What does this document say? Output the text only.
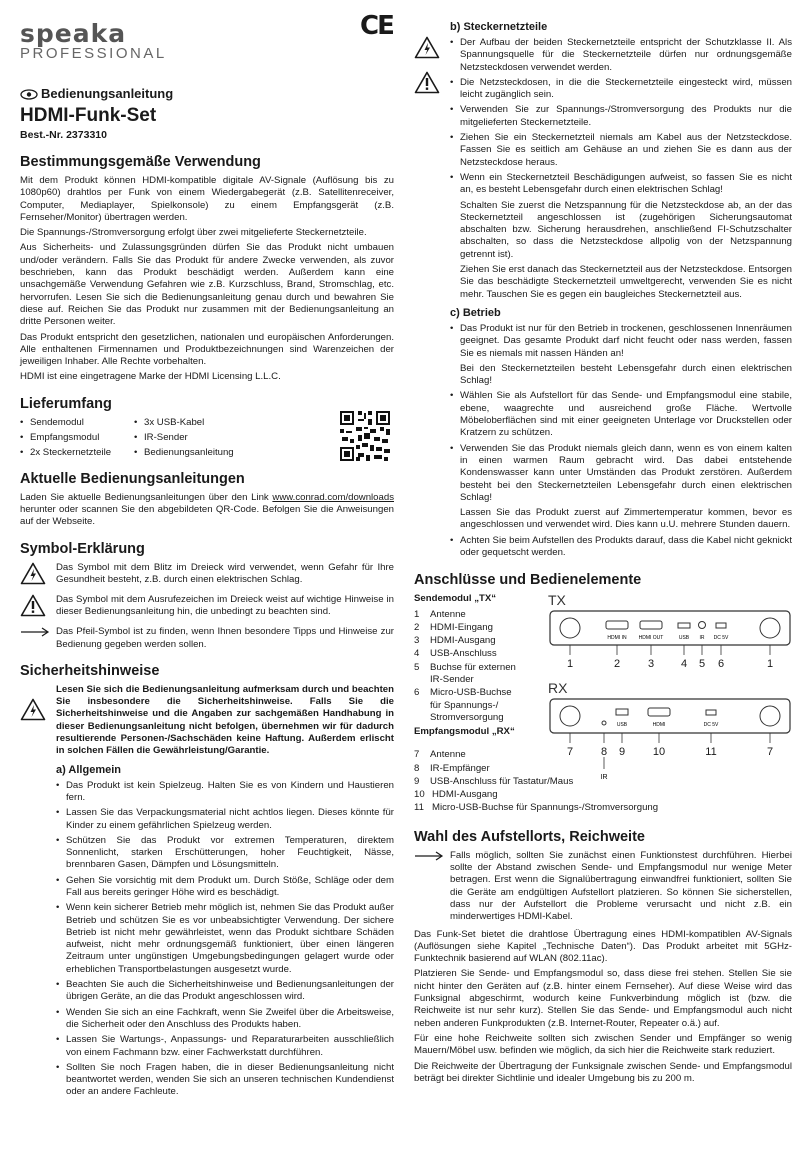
speaka
PROFESSIONAL
CE
Bedienungsanleitung
HDMI-Funk-Set
Best.-Nr. 2373310
Bestimmungsgemäße Verwendung

Mit dem Produkt können HDMI-kompatible digitale AV-Signale (Auflösung bis zu 1080p60) drahtlos per Funk von einem Wiedergabegerät (z.B. Satellitenreceiver, Computer, Mediaplayer, Spielkonsole) zu einem Empfangsgerät (z.B. Fernseher/Monitor) übertragen werden.

Die Spannungs-/Stromversorgung erfolgt über zwei mitgelieferte Steckernetzteile.

Aus Sicherheits- und Zulassungsgründen dürfen Sie das Produkt nicht umbauen und/oder verändern. Falls Sie das Produkt für andere Zwecke verwenden, als zuvor beschrieben, kann das Produkt beschädigt werden. Außerdem kann eine unsachgemäße Verwendung Gefahren wie z.B. Kurzschluss, Brand, Stromschlag, etc. hervorrufen. Lesen Sie sich die Bedienungsanleitung genau durch und bewahren Sie diese auf. Reichen Sie das Produkt nur zusammen mit der Bedienungsanleitung an dritte Personen weiter.

Das Produkt entspricht den gesetzlichen, nationalen und europäischen Anforderungen. Alle enthaltenen Firmennamen und Produktbezeichnungen sind Warenzeichen der jeweiligen Inhaber. Alle Rechte vorbehalten.

HDMI ist eine eingetragene Marke der HDMI Licensing L.L.C.

Lieferumfang
• Sendemodul
• Empfangsmodul
• 2x Steckernetzteile
• 3x USB-Kabel
• IR-Sender
• Bedienungsanleitung
Aktuelle Bedienungsanleitungen

Laden Sie aktuelle Bedienungsanleitungen über den Link www.conrad.com/downloads herunter oder scannen Sie den abgebildeten QR-Code. Befolgen Sie die Anweisungen auf der Webseite.

Symbol-Erklärung
Das Symbol mit dem Blitz im Dreieck wird verwendet, wenn Gefahr für Ihre Gesundheit besteht, z.B. durch einen elektrischen Schlag.
Das Symbol mit dem Ausrufezeichen im Dreieck weist auf wichtige Hinweise in dieser Bedienungsanleitung hin, die unbedingt zu beachten sind.
Das Pfeil-Symbol ist zu finden, wenn Ihnen besondere Tipps und Hinweise zur Bedienung gegeben werden sollen.
Sicherheitshinweise

Lesen Sie sich die Bedienungsanleitung aufmerksam durch und beachten Sie insbesondere die Sicherheitshinweise. Falls Sie die Sicherheitshinweise und die Angaben zur sachgemäßen Handhabung in dieser Bedienungsanleitung nicht befolgen, übernehmen wir für dadurch resultierende Personen-/Sachschäden keine Haftung. Außerdem erlischt in solchen Fällen die Gewährleistung/Garantie.

a) Allgemein
• Das Produkt ist kein Spielzeug. Halten Sie es von Kindern und Haustieren fern.
• Lassen Sie das Verpackungsmaterial nicht achtlos liegen. Dieses könnte für Kinder zu einem gefährlichen Spielzeug werden.
• Schützen Sie das Produkt vor extremen Temperaturen, direktem Sonnenlicht, starken Erschütterungen, hoher Feuchtigkeit, Nässe, brennbaren Gasen, Dämpfen und Lösungsmitteln.
• Gehen Sie vorsichtig mit dem Produkt um. Durch Stöße, Schläge oder dem Fall aus bereits geringer Höhe wird es beschädigt.
• Wenn kein sicherer Betrieb mehr möglich ist, nehmen Sie das Produkt außer Betrieb und schützen Sie es vor unbeabsichtigter Verwendung. Der sichere Betrieb ist nicht mehr gewährleistet, wenn das Produkt sichtbare Schäden aufweist, nicht mehr ordnungsgemäß funktioniert, über einen längeren Zeitraum unter ungünstigen Umgebungsbedingungen gelagert wurde oder erheblichen Transportbelastungen ausgesetzt wurde.
• Beachten Sie auch die Sicherheitshinweise und Bedienungsanleitungen der übrigen Geräte, an die das Produkt angeschlossen wird.
• Wenden Sie sich an eine Fachkraft, wenn Sie Zweifel über die Arbeitsweise, die Sicherheit oder den Anschluss des Produkts haben.
• Lassen Sie Wartungs-, Anpassungs- und Reparaturarbeiten ausschließlich von einem Fachmann bzw. einer Fachwerkstatt durchführen.
• Sollten Sie noch Fragen haben, die in dieser Bedienungsanleitung nicht beantwortet werden, wenden Sie sich an unseren technischen Kundendienst oder an andere Fachleute.

b) Steckernetzteile
• Der Aufbau der beiden Steckernetzteile entspricht der Schutzklasse II. Als Spannungsquelle für die Steckernetzteile dürfen nur ordnungsgemäße Netzsteckdosen verwendet werden.
• Die Netzsteckdosen, in die die Steckernetzteile eingesteckt wird, müssen leicht zugänglich sein.
• Verwenden Sie zur Spannungs-/Stromversorgung des Produkts nur die mitgelieferten Steckernetzteile.
• Ziehen Sie ein Steckernetzteil niemals am Kabel aus der Netzsteckdose. Fassen Sie es seitlich am Gehäuse an und ziehen Sie es dann aus der Netzsteckdose heraus.
• Wenn ein Steckernetzteil Beschädigungen aufweist, so fassen Sie es nicht an, es besteht Lebensgefahr durch einen elektrischen Schlag!
Schalten Sie zuerst die Netzspannung für die Netzsteckdose ab, an der das Steckernetzteil angeschlossen ist (zugehörigen Sicherungsautomat abschalten bzw. Sicherung herausdrehen, anschließend FI-Schutzschalter abschalten, so dass die Netzsteckdose allpolig von der Netzspannung getrennt ist).
Ziehen Sie erst danach das Steckernetzteil aus der Netzsteckdose. Entsorgen Sie das beschädigte Steckernetzteil umweltgerecht, verwenden Sie es nicht mehr. Tauschen Sie es gegen ein baugleiches Steckernetzteil aus.
c) Betrieb
• Das Produkt ist nur für den Betrieb in trockenen, geschlossenen Innenräumen geeignet. Das gesamte Produkt darf nicht feucht oder nass werden, fassen Sie es niemals mit nassen Händen an!
Bei den Steckernetzteilen besteht Lebensgefahr durch einen elektrischen Schlag!
• Wählen Sie als Aufstellort für das Sende- und Empfangsmodul eine stabile, ebene, waagrechte und ausreichend große Fläche. Wertvolle Möbeloberflächen sind mit einer geeigneten Unterlage vor Druckstellen oder Kratzern zu schützen.
• Verwenden Sie das Produkt niemals gleich dann, wenn es von einem kalten in einen warmen Raum gebracht wird. Das dabei entstehende Kondenswasser kann unter Umständen das Produkt zerstören. Außerdem besteht bei den Steckernetzteilen Lebensgefahr durch einen elektrischen Schlag!
Lassen Sie das Produkt zuerst auf Zimmertemperatur kommen, bevor es angeschlossen und verwendet wird. Dies kann u.U. mehrere Stunden dauern.
• Achten Sie beim Aufstellen des Produkts darauf, dass die Kabel nicht geknickt oder gequetscht werden.
Anschlüsse und Bedienelemente
Sendemodul „TX“
1	Antenne
2	HDMI-Eingang
3	HDMI-Ausgang
4	USB-Anschluss
5	Buchse für externen IR-Sender
6	Micro-USB-Buchse für Spannungs-/ Stromversorgung
Empfangsmodul „RX“
TX
HDMI IN HDMI OUT	USB IR DC 5V
1	2	3 4 5 6	1
RX
USB	HDMI	DC 5V
7	8 9	10	11	7
IR
7	Antenne
8	IR-Empfänger
9	USB-Anschluss für Tastatur/Maus
10 HDMI-Ausgang
11 Micro-USB-Buchse für Spannungs-/Stromversorgung
Wahl des Aufstellorts, Reichweite
Falls möglich, sollten Sie zunächst einen Funktionstest durchführen. Hierbei sollte der Abstand zwischen Sende- und Empfangsmodul nur wenige Meter betragen. Erst wenn die Signalübertragung einwandfrei funktioniert, sollten Sie die Geräte am endgültigen Aufstellort platzieren. So können Sie sicherstellen, dass nur der Aufstellort die Probleme verursacht und nicht z.B. ein minderwertiges HDMI-Kabel.

Das Funk-Set bietet die drahtlose Übertragung eines HDMI-kompatiblen AV-Signals (Auflösungen siehe Kapitel „Technische Daten“). Das Produkt arbeitet mit 5GHz-Funktechnik basierend auf WLAN (802.11ac).

Platzieren Sie Sende- und Empfangsmodul so, dass diese frei stehen. Stellen Sie sie nicht hinter den Geräten auf (z.B. hinter einem Fernseher). Auf diese Weise wird das Funksignal abgeschirmt, wodurch keine Funkverbindung möglich ist (bzw. die Reichweite ist nur sehr kurz). Stellen Sie das Sende- und Empfangsmodul auch nicht neben anderen Funkprodukten (z.B. Internet-Router, Repeater o.ä.) auf.

Für eine hohe Reichweite sollten sich zwischen Sender und Empfänger so wenig Mauern/Möbel usw. befinden wie möglich, da sich hier die Reichweite stark reduziert.

Die Reichweite der Übertragung der Funksignale zwischen Sende- und Empfangsmodul beträgt bei direkter Sichtlinie und idealer Umgebung bis zu 200 m.
